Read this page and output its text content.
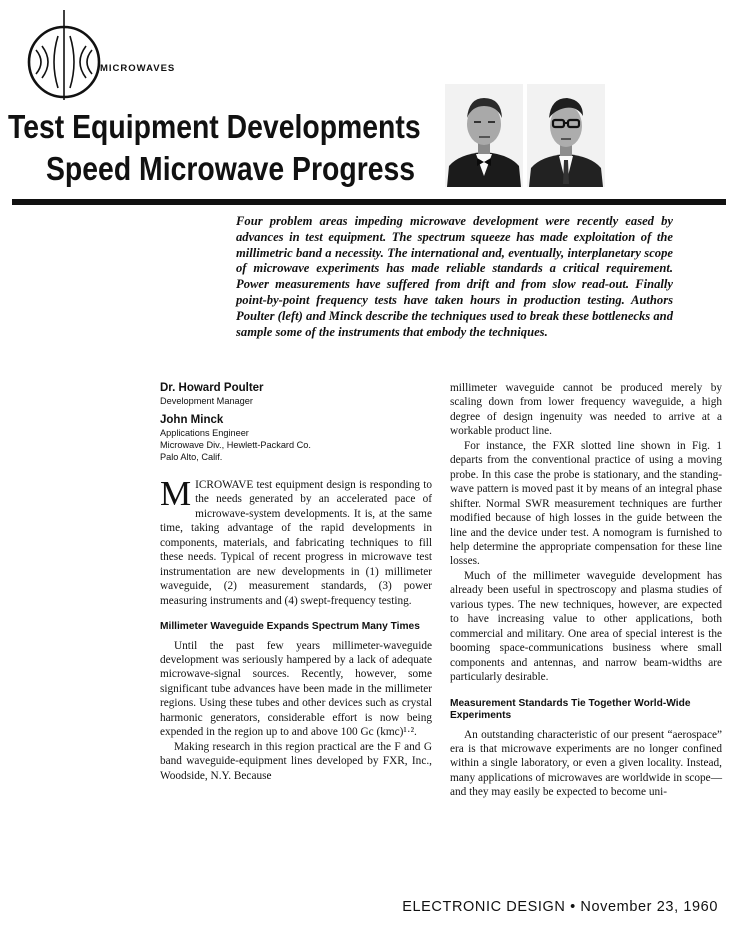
MICROWAVES
Test Equipment Developments
Speed Microwave Progress

Four problem areas impeding microwave development were recently eased by advances in test equipment. The spectrum squeeze has made exploitation of the millimetric band a necessity. The international and, eventually, interplanetary scope of microwave experiments has made reliable standards a critical requirement. Power measurements have suffered from drift and from slow read-out. Finally point-by-point frequency tests have taken hours in production testing. Authors Poulter (left) and Minck describe the techniques used to break these bottlenecks and sample some of the instruments that embody the techniques.

Dr. Howard Poulter
Development Manager
John Minck
Applications Engineer
Microwave Div., Hewlett-Packard Co.
Palo Alto, Calif.
M ICROWAVE test equipment design is responding to the needs generated by an accelerated pace of microwave-system developments. It is, at the same time, taking advantage of the rapid developments in components, materials, and fabricating techniques to fill these needs. Typical of recent progress in microwave test instrumentation are new developments in (1) millimeter waveguide, (2) measurement standards, (3) power measuring instruments and (4) swept-frequency testing.

Millimeter Waveguide Expands Spectrum Many Times

Until the past few years millimeter-waveguide development was seriously hampered by a lack of adequate microwave-signal sources. Recently, however, some significant tube advances have been made in the millimeter regions. Using these tubes and other devices such as crystal harmonic generators, considerable effort is now being expended in the region up to and above 100 Gc (kmc)¹·².

Making research in this region practical are the F and G band waveguide-equipment lines developed by FXR, Inc., Woodside, N.Y. Because

millimeter waveguide cannot be produced merely by scaling down from lower frequency waveguide, a high degree of design ingenuity was needed to arrive at a workable product line.

For instance, the FXR slotted line shown in Fig. 1 departs from the conventional practice of using a moving probe. In this case the probe is stationary, and the standing-wave pattern is moved past it by means of an integral phase shifter. Normal SWR measurement techniques are further modified because of high losses in the guide between the line and the device under test. A nomogram is furnished to help determine the appropriate compensation for these line losses.

Much of the millimeter waveguide development has already been useful in spectroscopy and plasma studies of various types. The new techniques, however, are expected to have increasing value to other applications, both commercial and military. One area of special interest is the booming space-communications business where small components and antennas, and narrow beam-widths are particularly desirable.

Measurement Standards Tie Together World-Wide Experiments

An outstanding characteristic of our present “aerospace” era is that microwave experiments are no longer confined within a single laboratory, or even a given locality. Instead, many applications of microwaves are worldwide in scope—and they may easily be expected to become uni-

ELECTRONIC DESIGN • November 23, 1960
